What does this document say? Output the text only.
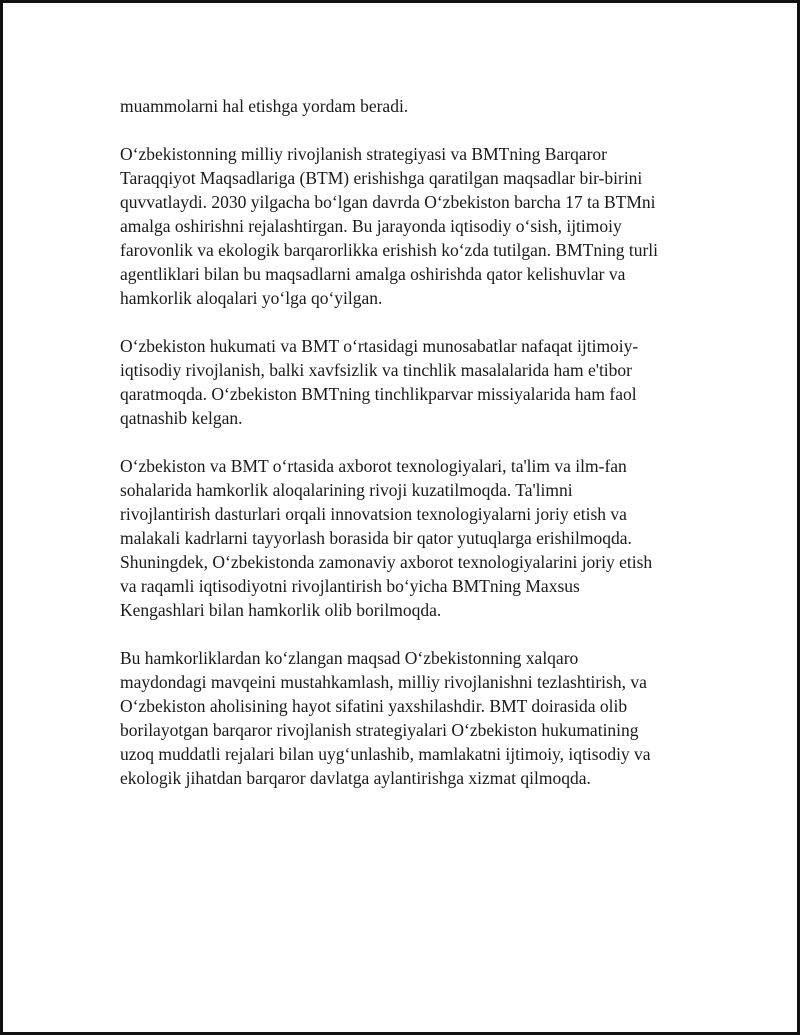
muammolarni hal etishga yordam beradi.

O‘zbekistonning milliy rivojlanish strategiyasi va BMTning Barqaror
Taraqqiyot Maqsadlariga (BTM) erishishga qaratilgan maqsadlar bir-birini
quvvatlaydi. 2030 yilgacha bo‘lgan davrda O‘zbekiston barcha 17 ta BTMni
amalga oshirishni rejalashtirgan. Bu jarayonda iqtisodiy o‘sish, ijtimoiy
farovonlik va ekologik barqarorlikka erishish ko‘zda tutilgan. BMTning turli
agentliklari bilan bu maqsadlarni amalga oshirishda qator kelishuvlar va
hamkorlik aloqalari yo‘lga qo‘yilgan.

O‘zbekiston hukumati va BMT o‘rtasidagi munosabatlar nafaqat ijtimoiy-
iqtisodiy rivojlanish, balki xavfsizlik va tinchlik masalalarida ham e'tibor
qaratmoqda. O‘zbekiston BMTning tinchlikparvar missiyalarida ham faol
qatnashib kelgan.

O‘zbekiston va BMT o‘rtasida axborot texnologiyalari, ta'lim va ilm-fan
sohalarida hamkorlik aloqalarining rivoji kuzatilmoqda. Ta'limni
rivojlantirish dasturlari orqali innovatsion texnologiyalarni joriy etish va
malakali kadrlarni tayyorlash borasida bir qator yutuqlarga erishilmoqda.
Shuningdek, O‘zbekistonda zamonaviy axborot texnologiyalarini joriy etish
va raqamli iqtisodiyotni rivojlantirish bo‘yicha BMTning Maxsus
Kengashlari bilan hamkorlik olib borilmoqda.

Bu hamkorliklardan ko‘zlangan maqsad O‘zbekistonning xalqaro
maydondagi mavqeini mustahkamlash, milliy rivojlanishni tezlashtirish, va
O‘zbekiston aholisining hayot sifatini yaxshilashdir. BMT doirasida olib
borilayotgan barqaror rivojlanish strategiyalari O‘zbekiston hukumatining
uzoq muddatli rejalari bilan uyg‘unlashib, mamlakatni ijtimoiy, iqtisodiy va
ekologik jihatdan barqaror davlatga aylantirishga xizmat qilmoqda.
